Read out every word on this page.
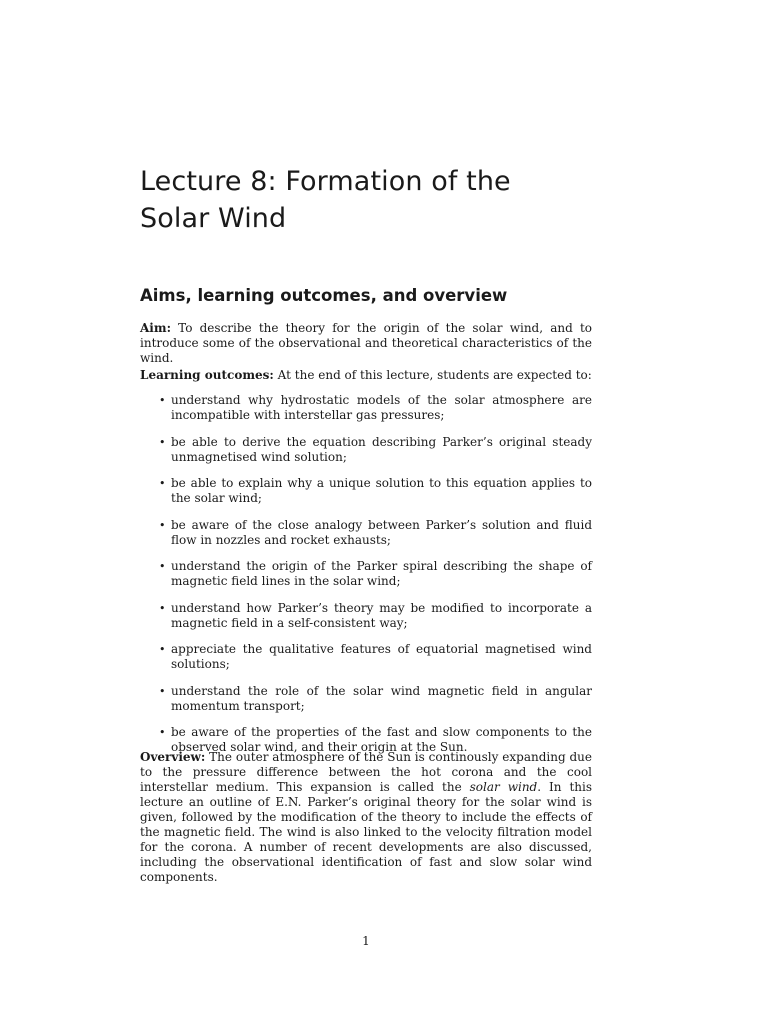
Lecture 8: Formation of the
Solar Wind
Aims, learning outcomes, and overview

Aim: To describe the theory for the origin of the solar wind, and to introduce some of the observational and theoretical characteristics of the wind.

Learning outcomes: At the end of this lecture, students are expected to:

• understand why hydrostatic models of the solar atmosphere are incompatible with interstellar gas pressures;
• be able to derive the equation describing Parker’s original steady unmagnetised wind solution;
• be able to explain why a unique solution to this equation applies to the solar wind;
• be aware of the close analogy between Parker’s solution and fluid flow in nozzles and rocket exhausts;
• understand the origin of the Parker spiral describing the shape of magnetic field lines in the solar wind;
• understand how Parker’s theory may be modified to incorporate a magnetic field in a self-consistent way;
• appreciate the qualitative features of equatorial magnetised wind solutions;
• understand the role of the solar wind magnetic field in angular momentum transport;
• be aware of the properties of the fast and slow components to the observed solar wind, and their origin at the Sun.

Overview: The outer atmosphere of the Sun is continously expanding due to the pressure difference between the hot corona and the cool interstellar medium. This expansion is called the solar wind. In this lecture an outline of E.N. Parker’s original theory for the solar wind is given, followed by the modification of the theory to include the effects of the magnetic field. The wind is also linked to the velocity filtration model for the corona. A number of recent developments are also discussed, including the observational identification of fast and slow solar wind components.

1
